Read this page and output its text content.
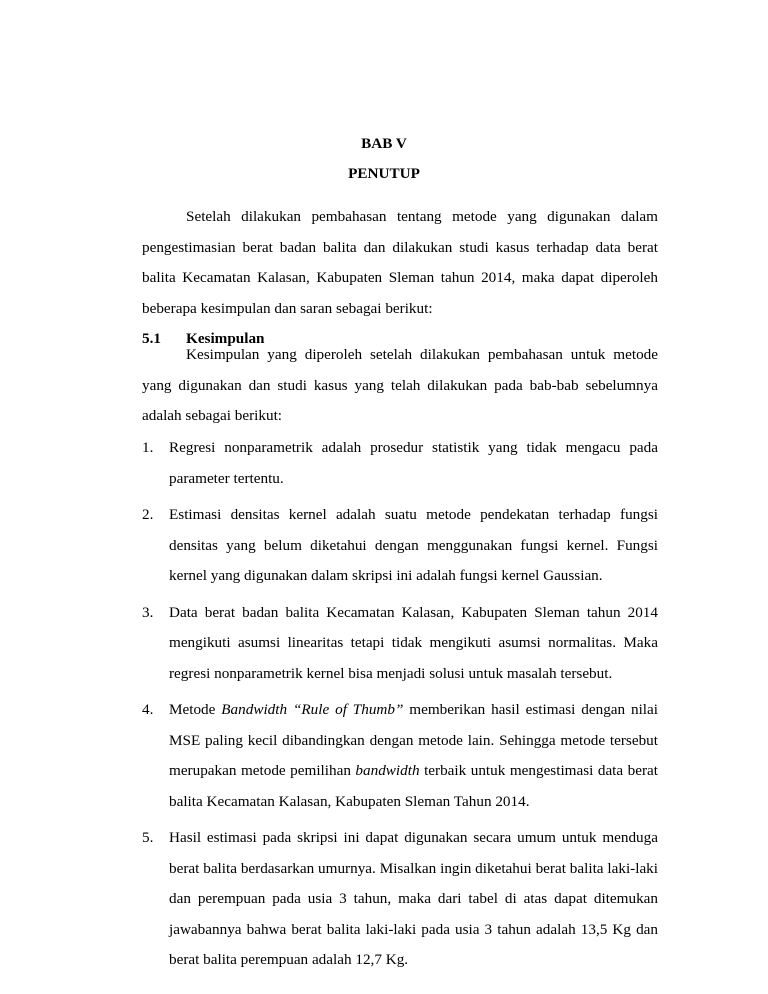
BAB V
PENUTUP

Setelah dilakukan pembahasan tentang metode yang digunakan dalam pengestimasian berat badan balita dan dilakukan studi kasus terhadap data berat balita Kecamatan Kalasan, Kabupaten Sleman tahun 2014, maka dapat diperoleh beberapa kesimpulan dan saran sebagai berikut:

5.1 Kesimpulan

Kesimpulan yang diperoleh setelah dilakukan pembahasan untuk metode yang digunakan dan studi kasus yang telah dilakukan pada bab-bab sebelumnya adalah sebagai berikut:

1. Regresi nonparametrik adalah prosedur statistik yang tidak mengacu pada parameter tertentu.
2. Estimasi densitas kernel adalah suatu metode pendekatan terhadap fungsi densitas yang belum diketahui dengan menggunakan fungsi kernel. Fungsi kernel yang digunakan dalam skripsi ini adalah fungsi kernel Gaussian.
3. Data berat badan balita Kecamatan Kalasan, Kabupaten Sleman tahun 2014 mengikuti asumsi linearitas tetapi tidak mengikuti asumsi normalitas. Maka regresi nonparametrik kernel bisa menjadi solusi untuk masalah tersebut.
4. Metode Bandwidth “Rule of Thumb” memberikan hasil estimasi dengan nilai MSE paling kecil dibandingkan dengan metode lain. Sehingga metode tersebut merupakan metode pemilihan bandwidth terbaik untuk mengestimasi data berat balita Kecamatan Kalasan, Kabupaten Sleman Tahun 2014.
5. Hasil estimasi pada skripsi ini dapat digunakan secara umum untuk menduga berat balita berdasarkan umurnya. Misalkan ingin diketahui berat balita laki-laki dan perempuan pada usia 3 tahun, maka dari tabel di atas dapat ditemukan jawabannya bahwa berat balita laki-laki pada usia 3 tahun adalah 13,5 Kg dan berat balita perempuan adalah 12,7 Kg.
